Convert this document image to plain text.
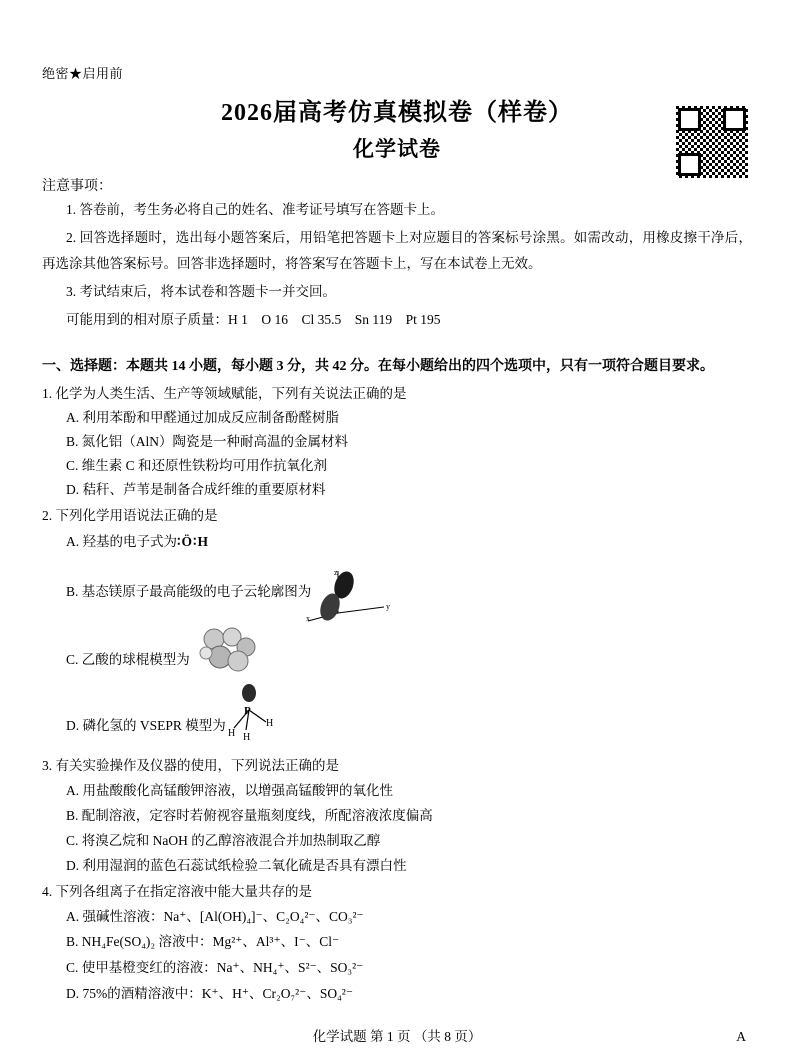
绝密★启用前
2026届高考仿真模拟卷（样卷）
化学试卷
注意事项：
1. 答卷前，考生务必将自己的姓名、准考证号填写在答题卡上。
2. 回答选择题时，选出每小题答案后，用铅笔把答题卡上对应题目的答案标号涂黑。如需改动，用橡皮擦干净后，再选涂其他答案标号。回答非选择题时，将答案写在答题卡上，写在本试卷上无效。
3. 考试结束后，将本试卷和答题卡一并交回。
可能用到的相对原子质量：H 1　O 16　Cl 35.5　Sn 119　Pt 195
一、选择题：本题共 14 小题，每小题 3 分，共 42 分。在每小题给出的四个选项中，只有一项符合题目要求。
1. 化学为人类生活、生产等领域赋能，下列有关说法正确的是
A. 利用苯酚和甲醛通过加成反应制备酚醛树脂
B. 氮化铝（AlN）陶瓷是一种耐高温的金属材料
C. 维生素 C 和还原性铁粉均可用作抗氧化剂
D. 秸秆、芦苇是制备合成纤维的重要原材料
2. 下列化学用语说法正确的是
A. 羟基的电子式为∶Ö∶H
B. 基态镁原子最高能级的电子云轮廓图为
z
x
y
C. 乙酸的球棍模型为
D. 磷化氢的 VSEPR 模型为
P
H H
H
3. 有关实验操作及仪器的使用，下列说法正确的是
A. 用盐酸酸化高锰酸钾溶液，以增强高锰酸钾的氧化性
B. 配制溶液，定容时若俯视容量瓶刻度线，所配溶液浓度偏高
C. 将溴乙烷和 NaOH 的乙醇溶液混合并加热制取乙醇
D. 利用湿润的蓝色石蕊试纸检验二氧化硫是否具有漂白性
4. 下列各组离子在指定溶液中能大量共存的是
A. 强碱性溶液：Na⁺、[Al(OH)₄]⁻、C₂O₄²⁻、CO₃²⁻
B. NH₄Fe(SO₄)₂ 溶液中：Mg²⁺、Al³⁺、I⁻、Cl⁻
C. 使甲基橙变红的溶液：Na⁺、NH₄⁺、S²⁻、SO₃²⁻
D. 75%的酒精溶液中：K⁺、H⁺、Cr₂O₇²⁻、SO₄²⁻
化学试题 第 1 页 （共 8 页）	A
